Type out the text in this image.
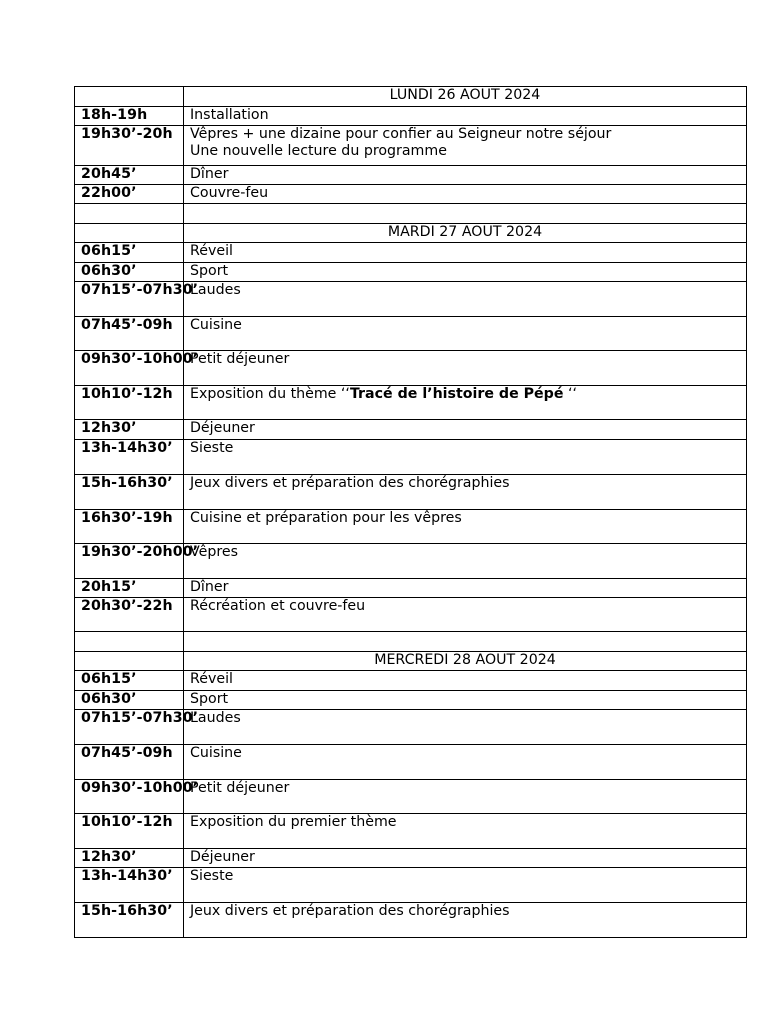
	LUNDI 26 AOUT 2024
18h-19h	Installation
19h30’-20h	Vêpres + une dizaine pour confier au Seigneur notre séjour
Une nouvelle lecture du programme

20h45’	Dîner
22h00’	Couvre-feu

	MARDI 27 AOUT 2024
06h15’	Réveil
06h30’	Sport
07h15’-07h30’	Laudes
07h45’-09h	Cuisine
09h30’-10h00’	Petit déjeuner
10h10’-12h	Exposition du thème ‘‘Tracé de l’histoire de Pépé ‘‘
12h30’	Déjeuner
13h-14h30’	Sieste
15h-16h30’	Jeux divers et préparation des chorégraphies
16h30’-19h	Cuisine et préparation pour les vêpres
19h30’-20h00’	Vêpres
20h15’	Dîner
20h30’-22h	Récréation et couvre-feu

	MERCREDI 28 AOUT 2024
06h15’	Réveil
06h30’	Sport
07h15’-07h30’	Laudes
07h45’-09h	Cuisine
09h30’-10h00’	Petit déjeuner
10h10’-12h	Exposition du premier thème
12h30’	Déjeuner
13h-14h30’	Sieste
15h-16h30’	Jeux divers et préparation des chorégraphies
